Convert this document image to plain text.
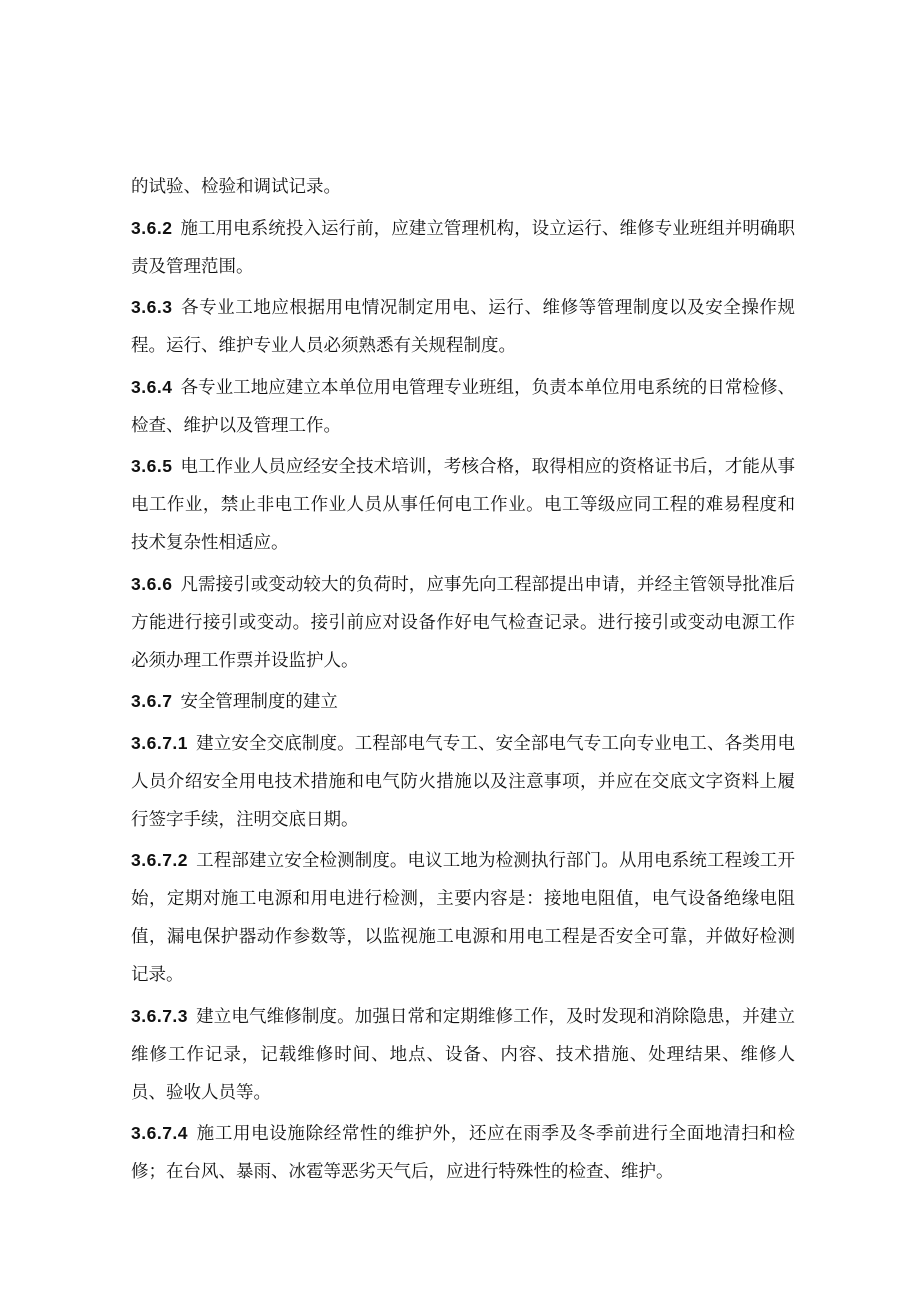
的试验、检验和调试记录。

3.6.2 施工用电系统投入运行前，应建立管理机构，设立运行、维修专业班组并明确职责及管理范围。

3.6.3 各专业工地应根据用电情况制定用电、运行、维修等管理制度以及安全操作规程。运行、维护专业人员必须熟悉有关规程制度。

3.6.4 各专业工地应建立本单位用电管理专业班组，负责本单位用电系统的日常检修、检查、维护以及管理工作。

3.6.5 电工作业人员应经安全技术培训，考核合格，取得相应的资格证书后，才能从事电工作业，禁止非电工作业人员从事任何电工作业。电工等级应同工程的难易程度和技术复杂性相适应。

3.6.6 凡需接引或变动较大的负荷时，应事先向工程部提出申请，并经主管领导批准后方能进行接引或变动。接引前应对设备作好电气检查记录。进行接引或变动电源工作必须办理工作票并设监护人。

3.6.7 安全管理制度的建立

3.6.7.1 建立安全交底制度。工程部电气专工、安全部电气专工向专业电工、各类用电人员介绍安全用电技术措施和电气防火措施以及注意事项，并应在交底文字资料上履行签字手续，注明交底日期。

3.6.7.2 工程部建立安全检测制度。电议工地为检测执行部门。从用电系统工程竣工开始，定期对施工电源和用电进行检测，主要内容是：接地电阻值，电气设备绝缘电阻值，漏电保护器动作参数等，以监视施工电源和用电工程是否安全可靠，并做好检测记录。

3.6.7.3 建立电气维修制度。加强日常和定期维修工作，及时发现和消除隐患，并建立维修工作记录，记载维修时间、地点、设备、内容、技术措施、处理结果、维修人员、验收人员等。

3.6.7.4 施工用电设施除经常性的维护外，还应在雨季及冬季前进行全面地清扫和检修；在台风、暴雨、冰雹等恶劣天气后，应进行特殊性的检查、维护。
